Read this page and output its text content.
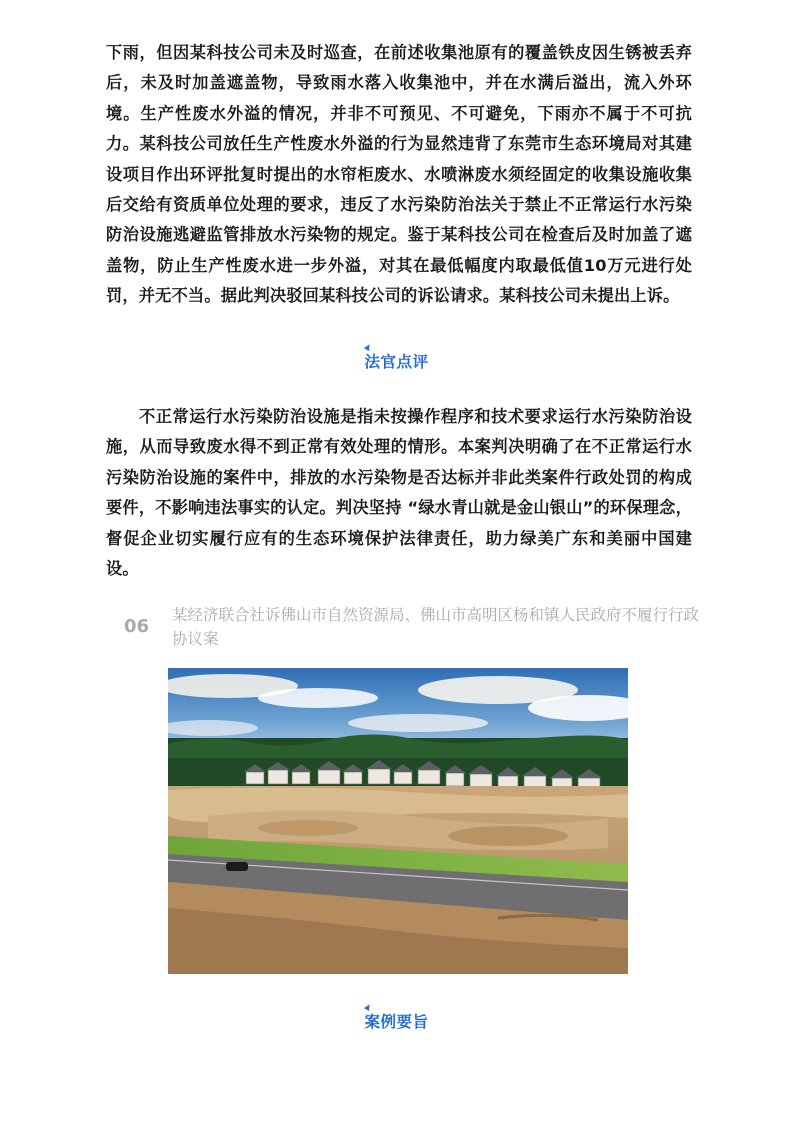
下雨，但因某科技公司未及时巡查，在前述收集池原有的覆盖铁皮因生锈被丢弃后，未及时加盖遮盖物，导致雨水落入收集池中，并在水满后溢出，流入外环境。生产性废水外溢的情况，并非不可预见、不可避免，下雨亦不属于不可抗力。某科技公司放任生产性废水外溢的行为显然违背了东莞市生态环境局对其建设项目作出环评批复时提出的水帘柜废水、水喷淋废水须经固定的收集设施收集后交给有资质单位处理的要求，违反了水污染防治法关于禁止不正常运行水污染防治设施逃避监管排放水污染物的规定。鉴于某科技公司在检查后及时加盖了遮盖物，防止生产性废水进一步外溢，对其在最低幅度内取最低值10万元进行处罚，并无不当。据此判决驳回某科技公司的诉讼请求。某科技公司未提出上诉。

法官点评

不正常运行水污染防治设施是指未按操作程序和技术要求运行水污染防治设施，从而导致废水得不到正常有效处理的情形。本案判决明确了在不正常运行水污染防治设施的案件中，排放的水污染物是否达标并非此类案件行政处罚的构成要件，不影响违法事实的认定。判决坚持 “绿水青山就是金山银山”的环保理念，督促企业切实履行应有的生态环境保护法律责任，助力绿美广东和美丽中国建设。

06

某经济联合社诉佛山市自然资源局、佛山市高明区杨和镇人民政府不履行行政协议案

案例要旨
